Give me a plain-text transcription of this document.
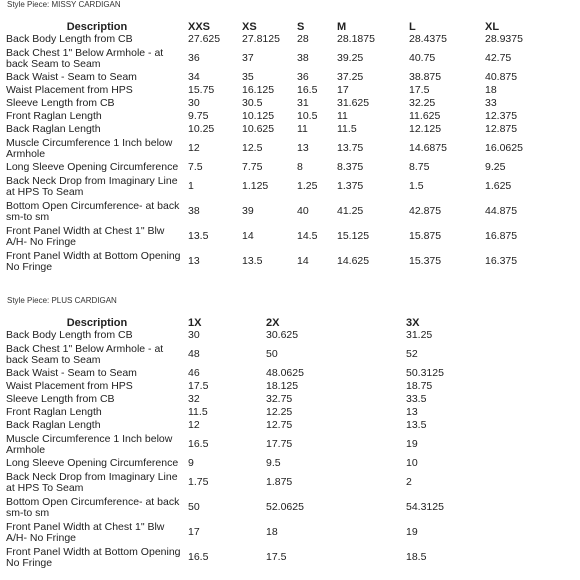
Style Piece: MISSY CARDIGAN
Description	XXS	XS	S	M	L	XL
Back Body Length from CB	27.625	27.8125	28	28.1875	28.4375	28.9375
Back Chest 1" Below Armhole - at back Seam to Seam	36	37	38	39.25	40.75	42.75
Back Waist - Seam to Seam	34	35	36	37.25	38.875	40.875
Waist Placement from HPS	15.75	16.125	16.5	17	17.5	18
Sleeve Length from CB	30	30.5	31	31.625	32.25	33
Front Raglan Length	9.75	10.125	10.5	11	11.625	12.375
Back Raglan Length	10.25	10.625	11	11.5	12.125	12.875
Muscle Circumference 1 Inch below Armhole	12	12.5	13	13.75	14.6875	16.0625
Long Sleeve Opening Circumference	7.5	7.75	8	8.375	8.75	9.25
Back Neck Drop from Imaginary Line at HPS To Seam	1	1.125	1.25	1.375	1.5	1.625
Bottom Open Circumference- at back sm-to sm	38	39	40	41.25	42.875	44.875
Front Panel Width at Chest 1" Blw A/H- No Fringe	13.5	14	14.5	15.125	15.875	16.875
Front Panel Width at Bottom Opening No Fringe	13	13.5	14	14.625	15.375	16.375
Style Piece: PLUS CARDIGAN
Description	1X	2X	3X
Back Body Length from CB	30	30.625	31.25
Back Chest 1" Below Armhole - at back Seam to Seam	48	50	52
Back Waist - Seam to Seam	46	48.0625	50.3125
Waist Placement from HPS	17.5	18.125	18.75
Sleeve Length from CB	32	32.75	33.5
Front Raglan Length	11.5	12.25	13
Back Raglan Length	12	12.75	13.5
Muscle Circumference 1 Inch below Armhole	16.5	17.75	19
Long Sleeve Opening Circumference	9	9.5	10
Back Neck Drop from Imaginary Line at HPS To Seam	1.75	1.875	2
Bottom Open Circumference- at back sm-to sm	50	52.0625	54.3125
Front Panel Width at Chest 1" Blw A/H- No Fringe	17	18	19
Front Panel Width at Bottom Opening No Fringe	16.5	17.5	18.5
